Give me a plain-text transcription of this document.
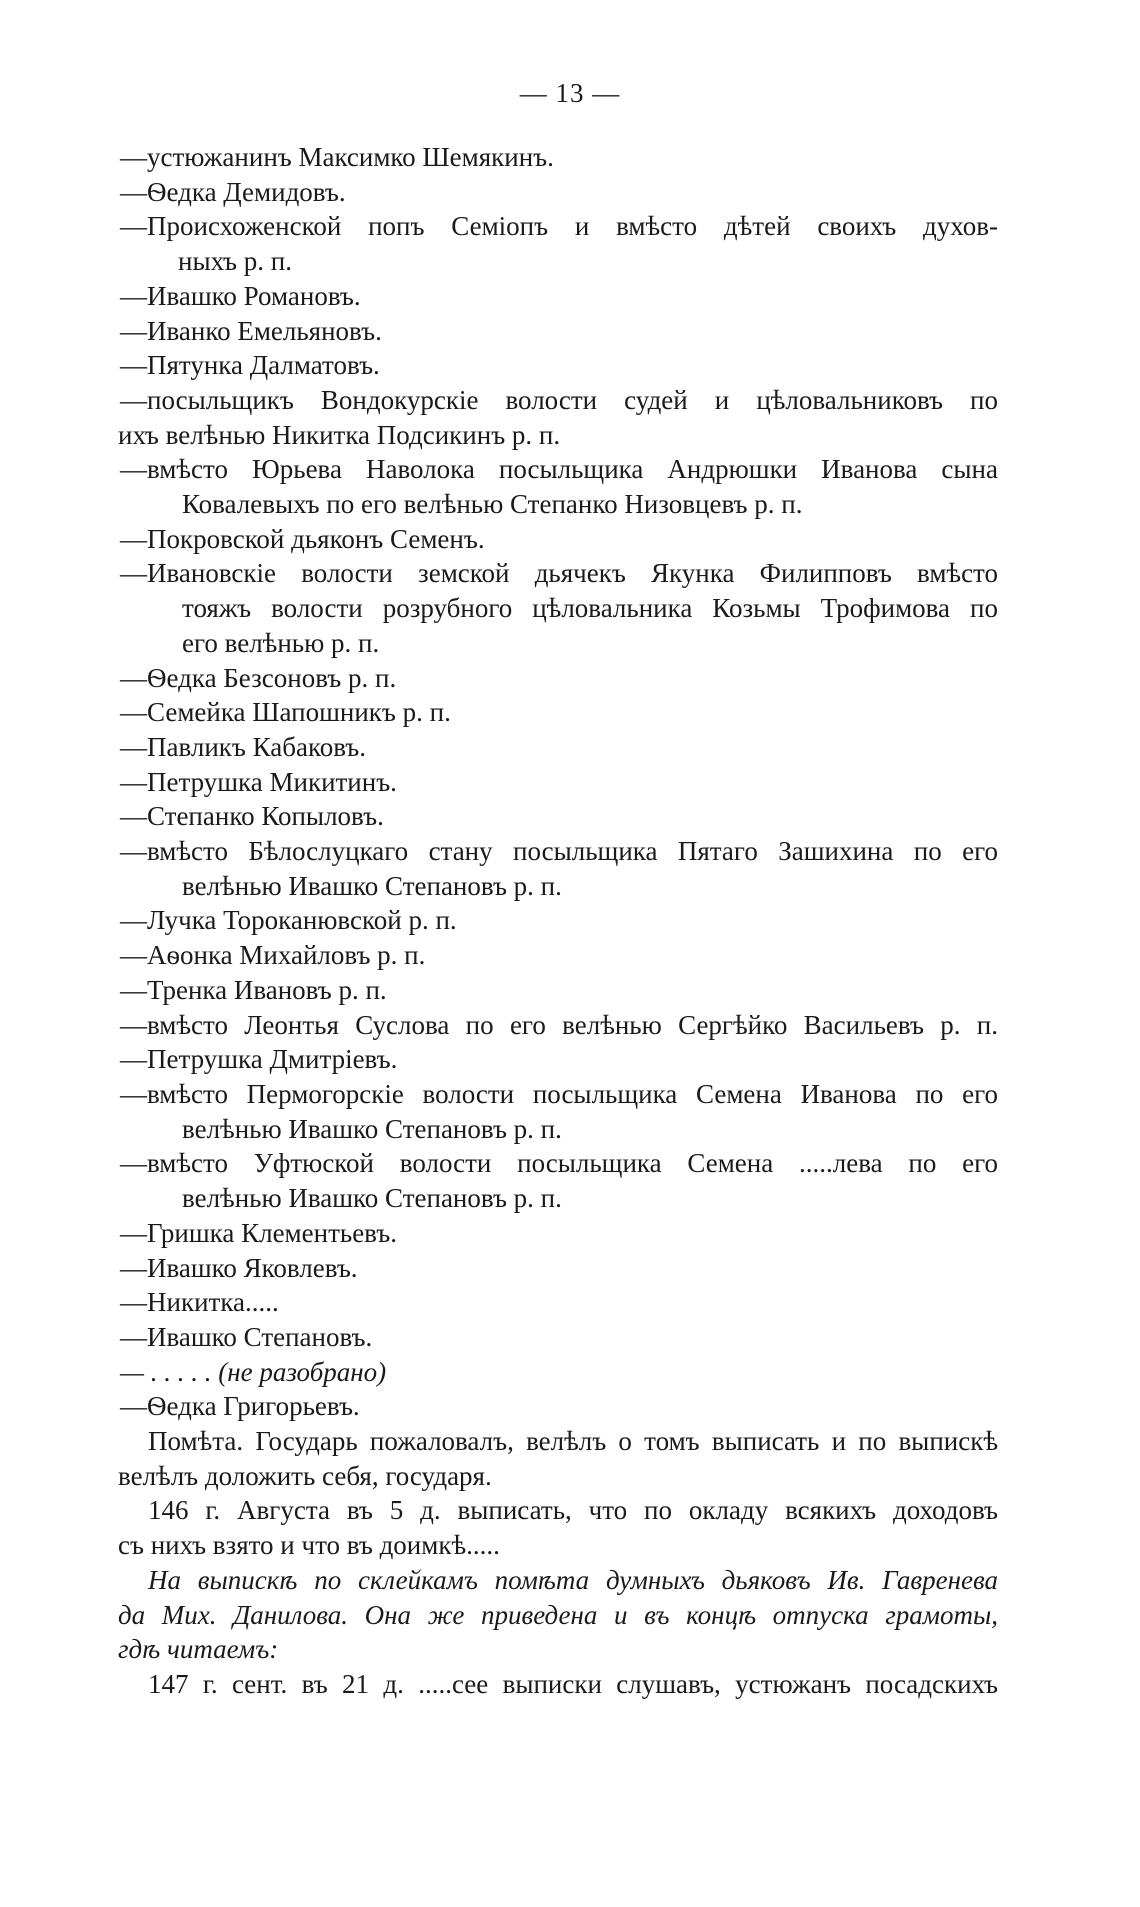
— 13 —
—устюжанинъ Максимко Шемякинъ.
—Ѳедка Демидовъ.
—Происхоженской попъ Семіопъ и вмѣсто дѣтей своихъ духов-
ныхъ р. п.
—Ивашко Романовъ.
—Иванко Емельяновъ.
—Пятунка Далматовъ.
—посыльщикъ Вондокурскіе волости судей и цѣловальниковъ по
ихъ велѣнью Никитка Подсикинъ р. п.
—вмѣсто Юрьева Наволока посыльщика Андрюшки Иванова сына
Ковалевыхъ по его велѣнью Степанко Низовцевъ р. п.
—Покровской дьяконъ Семенъ.
—Ивановскіе волости земской дьячекъ Якунка Филипповъ вмѣсто
тояжъ волости розрубного цѣловальника Козьмы Трофимова по
его велѣнью р. п.
—Ѳедка Безсоновъ р. п.
—Семейка Шапошникъ р. п.
—Павликъ Кабаковъ.
—Петрушка Микитинъ.
—Степанко Копыловъ.
—вмѣсто Бѣлослуцкаго стану посыльщика Пятаго Зашихина по его
велѣнью Ивашко Степановъ р. п.
—Лучка Тороканювской р. п.
—Аѳонка Михайловъ р. п.
—Тренка Ивановъ р. п.
—вмѣсто Леонтья Суслова по его велѣнью Сергѣйко Васильевъ р. п.
—Петрушка Дмитріевъ.
—вмѣсто Пермогорскіе волости посыльщика Семена Иванова по его
велѣнью Ивашко Степановъ р. п.
—вмѣсто Уфтюской волости посыльщика Семена .....лева по его
велѣнью Ивашко Степановъ р. п.
—Гришка Клементьевъ.
—Ивашко Яковлевъ.
—Никитка.....
—Ивашко Степановъ.
— . . . . . (не разобрано)
—Ѳедка Григорьевъ.
Помѣта. Государь пожаловалъ, велѣлъ о томъ выписать и по выпискѣ
велѣлъ доложить себя, государя.
146 г. Августа въ 5 д. выписать, что по окладу всякихъ доходовъ
съ нихъ взято и что въ доимкѣ.....
На выпискѣ по склейкамъ помѣта думныхъ дьяковъ Ив. Гавренева
да Мих. Данилова. Она же приведена и въ концѣ отпуска грамоты,
гдѣ читаемъ:
147 г. сент. въ 21 д. .....сее выписки слушавъ, устюжанъ посадскихъ
